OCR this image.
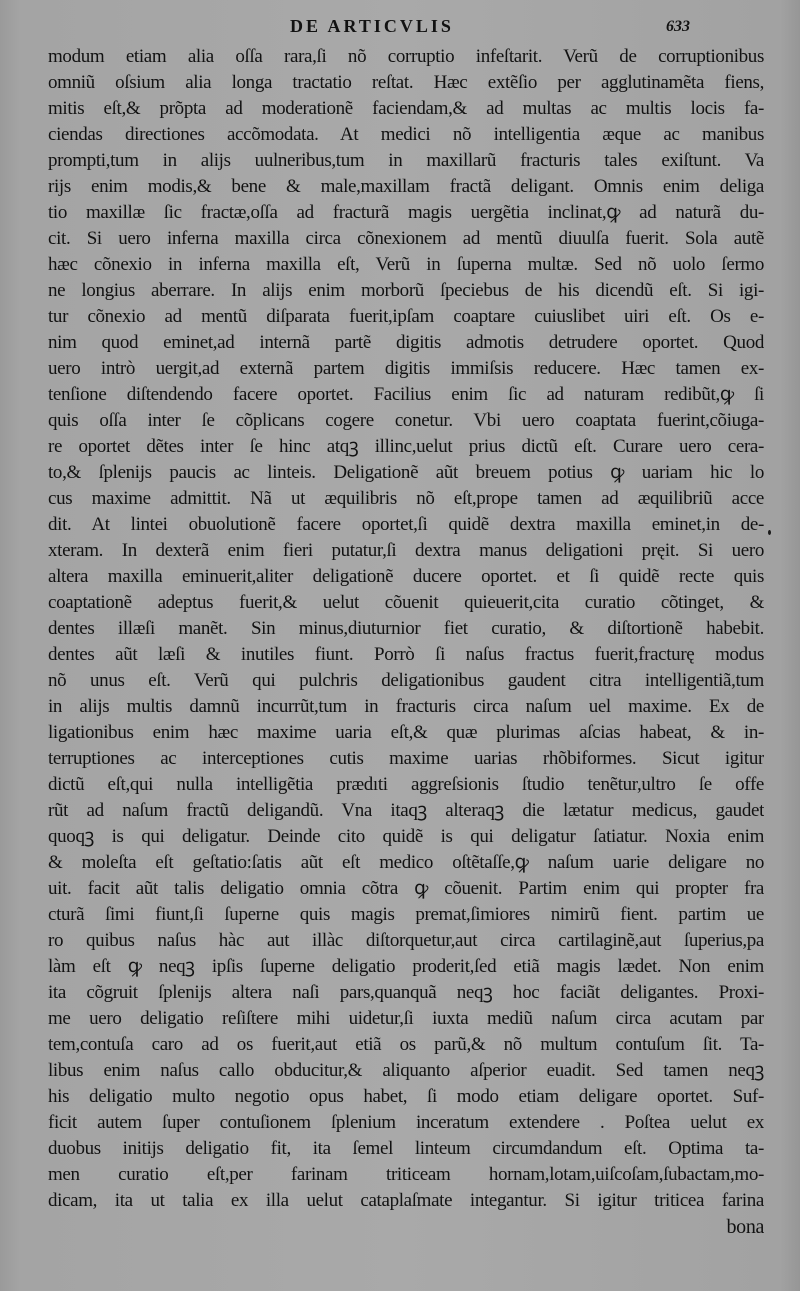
DE ARTICVLIS	633
modum etiam alia oſſa rara,ſi nõ corruptio infeſtarit. Verũ de corruptionibus
omniũ oſsium alia longa tractatio reſtat. Hæc extẽſio per agglutinamẽta fiens,
mitis eſt,& prõpta ad moderationẽ faciendam,& ad multas ac multis locis fa-
ciendas directiones accõmodata. At medici nõ intelligentia æque ac manibus
prompti,tum in alijs uulneribus,tum in maxillarũ fracturis tales exiſtunt. Va
rijs enim modis,& bene & male,maxillam fractã deligant. Omnis enim deliga
tio maxillæ ſic fractæ,oſſa ad fracturã magis uergẽtia inclinat,ꝙ ad naturã du-
cit. Si uero inferna maxilla circa cõnexionem ad mentũ diuulſa fuerit. Sola autẽ
hæc cõnexio in inferna maxilla eſt, Verũ in ſuperna multæ. Sed nõ uolo ſermo
ne longius aberrare. In alijs enim morborũ ſpeciebus de his dicendũ eſt. Si igi-
tur cõnexio ad mentũ diſparata fuerit,ipſam coaptare cuiuslibet uiri eſt. Os e-
nim quod eminet,ad internã partẽ digitis admotis detrudere oportet. Quod
uero intrò uergit,ad externã partem digitis immiſsis reducere. Hæc tamen ex-
tenſione diſtendendo facere oportet. Facilius enim ſic ad naturam redibũt,ꝙ ſi
quis oſſa inter ſe cõplicans cogere conetur. Vbi uero coaptata fuerint,cõiuga-
re oportet dẽtes inter ſe hinc atqꝫ illinc,uelut prius dictũ eſt. Curare uero cera-
to,& ſplenijs paucis ac linteis. Deligationẽ aũt breuem potius ꝙ uariam hic lo
cus maxime admittit. Nã ut æquilibris nõ eſt,prope tamen ad æquilibriũ acce
dit. At lintei obuolutionẽ facere oportet,ſi quidẽ dextra maxilla eminet,in de-
xteram. In dexterã enim fieri putatur,ſi dextra manus deligationi pręit. Si uero
altera maxilla eminuerit,aliter deligationẽ ducere oportet. et ſi quidẽ recte quis
coaptationẽ adeptus fuerit,& uelut cõuenit quieuerit,cita curatio cõtinget, &
dentes illæſi manẽt. Sin minus,diuturnior fiet curatio, & diſtortionẽ habebit.
dentes aũt læſi & inutiles fiunt. Porrò ſi naſus fractus fuerit,fracturę modus
nõ unus eſt. Verũ qui pulchris deligationibus gaudent citra intelligentiã,tum
in alijs multis damnũ incurrũt,tum in fracturis circa naſum uel maxime. Ex de
ligationibus enim hæc maxime uaria eſt,& quæ plurimas aſcias habeat, & in-
terruptiones ac interceptiones cutis maxime uarias rhõbiformes. Sicut igitur
dictũ eſt,qui nulla intelligẽtia prædıti aggreſsionis ſtudio tenẽtur,ultro ſe offe
rũt ad naſum fractũ deligandũ. Vna itaqꝫ alteraqꝫ die lætatur medicus, gaudet
quoqꝫ is qui deligatur. Deinde cito quidẽ is qui deligatur ſatiatur. Noxia enim
& moleſta eſt geſtatio:ſatis aũt eſt medico oſtẽtaſſe,ꝙ naſum uarie deligare no
uit. facit aũt talis deligatio omnia cõtra ꝙ cõuenit. Partim enim qui propter fra
cturã ſimi fiunt,ſi ſuperne quis magis premat,ſimiores nimirũ fient. partim ue
ro quibus naſus hàc aut illàc diſtorquetur,aut circa cartilaginẽ,aut ſuperius,pa
làm eſt ꝙ neqꝫ ipſis ſuperne deligatio proderit,ſed etiã magis lædet. Non enim
ita cõgruit ſplenijs altera naſi pars,quanquã neqꝫ hoc faciãt deligantes. Proxi-
me uero deligatio reſiſtere mihi uidetur,ſi iuxta mediũ naſum circa acutam par
tem,contuſa caro ad os fuerit,aut etiã os parũ,& nõ multum contuſum ſit. Ta-
libus enim naſus callo obducitur,& aliquanto aſperior euadit. Sed tamen neqꝫ
his deligatio multo negotio opus habet, ſi modo etiam deligare oportet. Suf-
ficit autem ſuper contuſionem ſplenium inceratum extendere . Poſtea uelut ex
duobus initijs deligatio fit, ita ſemel linteum circumdandum eſt. Optima ta-
men curatio eſt,per farinam triticeam hornam,lotam,uiſcoſam,ſubactam,mo-
dicam, ita ut talia ex illa uelut cataplaſmate integantur. Si igitur triticea farina
bona
